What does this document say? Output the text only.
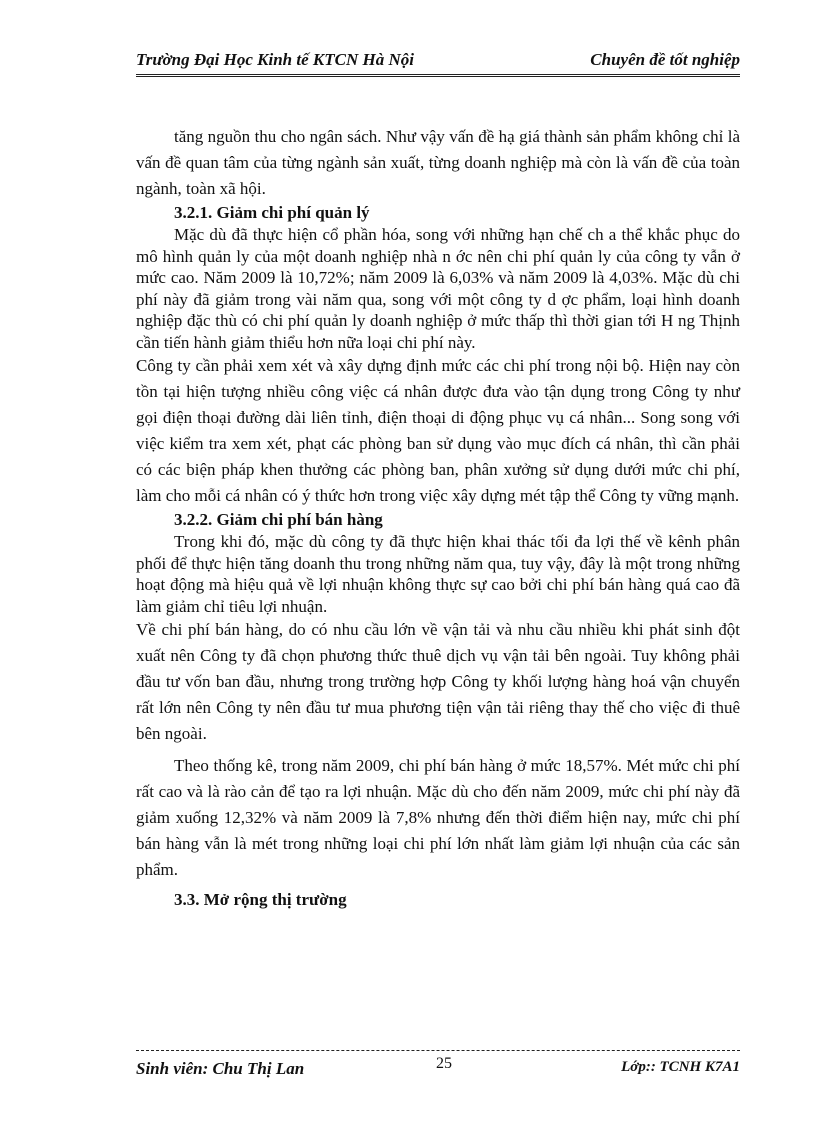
Trường Đại Học Kinh tế KTCN Hà Nội	Chuyên đề tốt nghiệp

tăng nguồn thu cho ngân sách. Như vậy vấn đề hạ giá thành sản phẩm không chỉ là vấn đề quan tâm của từng ngành sản xuất, từng doanh nghiệp mà còn là vấn đề của toàn ngành, toàn xã hội.

3.2.1. Giảm chi phí quản lý

Mặc dù đã thực hiện cổ phần hóa, song với những hạn chế ch a thể khắc phục do mô hình quản ly của một doanh nghiệp nhà n ớc nên chi phí quản ly của công ty vẫn ở mức cao. Năm 2009 là 10,72%; năm 2009 là 6,03% và năm 2009 là 4,03%. Mặc dù chi phí này đã giảm trong vài năm qua, song với một công ty d ợc phẩm, loại hình doanh nghiệp đặc thù có chi phí quản ly doanh nghiệp ở mức thấp thì thời gian tới H ng Thịnh cần tiến hành giảm thiểu hơn nữa loại chi phí này.

Công ty cần phải xem xét và xây dựng định mức các chi phí trong nội bộ. Hiện nay còn tồn tại hiện tượng nhiều công việc cá nhân được đưa vào tận dụng trong Công ty như gọi điện thoại đường dài liên tỉnh, điện thoại di động phục vụ cá nhân... Song song với việc kiểm tra xem xét, phạt các phòng ban sử dụng vào mục đích cá nhân, thì cần phải có các biện pháp khen thưởng các phòng ban, phân xưởng sử dụng dưới mức chi phí, làm cho mỗi cá nhân có ý thức hơn trong việc xây dựng mét tập thể Công ty vững mạnh.

3.2.2. Giảm chi phí bán hàng

Trong khi đó, mặc dù công ty đã thực hiện khai thác tối đa lợi thế về kênh phân phối để thực hiện tăng doanh thu trong những năm qua, tuy vậy, đây là một trong những hoạt động mà hiệu quả về lợi nhuận không thực sự cao bởi chi phí bán hàng quá cao đã làm giảm chỉ tiêu lợi nhuận.

Về chi phí bán hàng, do có nhu cầu lớn về vận tải và nhu cầu nhiều khi phát sinh đột xuất nên Công ty đã chọn phương thức thuê dịch vụ vận tải bên ngoài. Tuy không phải đầu tư vốn ban đầu, nhưng trong trường hợp Công ty khối lượng hàng hoá vận chuyển rất lớn nên Công ty nên đầu tư mua phương tiện vận tải riêng thay thế cho việc đi thuê bên ngoài.

Theo thống kê, trong năm 2009, chi phí bán hàng ở mức 18,57%. Mét mức chi phí rất cao và là rào cản để tạo ra lợi nhuận. Mặc dù cho đến năm 2009, mức chi phí này đã giảm xuống 12,32% và năm 2009 là 7,8% nhưng đến thời điểm hiện nay, mức chi phí bán hàng vẫn là mét trong những loại chi phí lớn nhất làm giảm lợi nhuận của các sản phẩm.

3.3. Mở rộng thị trường

Sinh viên: Chu Thị Lan	25	Lớp:: TCNH K7A1
